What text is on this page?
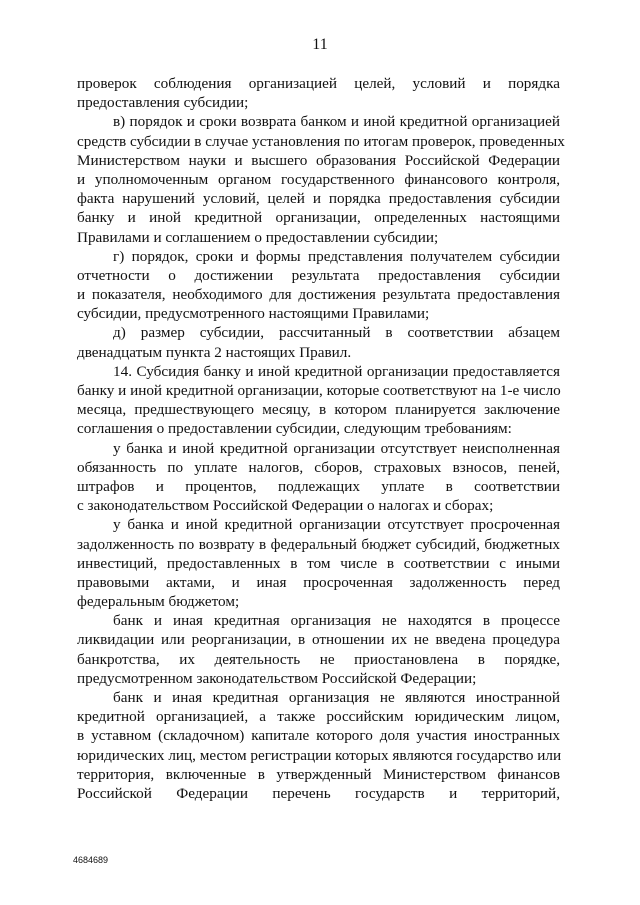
11
проверок соблюдения организацией целей, условий и порядка
предоставления субсидии;
в) порядок и сроки возврата банком и иной кредитной организацией
средств субсидии в случае установления по итогам проверок, проведенных
Министерством науки и высшего образования Российской Федерации
и уполномоченным органом государственного финансового контроля,
факта нарушений условий, целей и порядка предоставления субсидии
банку и иной кредитной организации, определенных настоящими
Правилами и соглашением о предоставлении субсидии;
г) порядок, сроки и формы представления получателем субсидии
отчетности о достижении результата предоставления субсидии
и показателя, необходимого для достижения результата предоставления
субсидии, предусмотренного настоящими Правилами;
д) размер субсидии, рассчитанный в соответствии абзацем
двенадцатым пункта 2 настоящих Правил.
14. Субсидия банку и иной кредитной организации предоставляется
банку и иной кредитной организации, которые соответствуют на 1-е число
месяца, предшествующего месяцу, в котором планируется заключение
соглашения о предоставлении субсидии, следующим требованиям:
у банка и иной кредитной организации отсутствует неисполненная
обязанность по уплате налогов, сборов, страховых взносов, пеней,
штрафов и процентов, подлежащих уплате в соответствии
с законодательством Российской Федерации о налогах и сборах;
у банка и иной кредитной организации отсутствует просроченная
задолженность по возврату в федеральный бюджет субсидий, бюджетных
инвестиций, предоставленных в том числе в соответствии с иными
правовыми актами, и иная просроченная задолженность перед
федеральным бюджетом;
банк и иная кредитная организация не находятся в процессе
ликвидации или реорганизации, в отношении их не введена процедура
банкротства, их деятельность не приостановлена в порядке,
предусмотренном законодательством Российской Федерации;
банк и иная кредитная организация не являются иностранной
кредитной организацией, а также российским юридическим лицом,
в уставном (складочном) капитале которого доля участия иностранных
юридических лиц, местом регистрации которых являются государство или
территория, включенные в утвержденный Министерством финансов
Российской Федерации перечень государств и территорий,
4684689
